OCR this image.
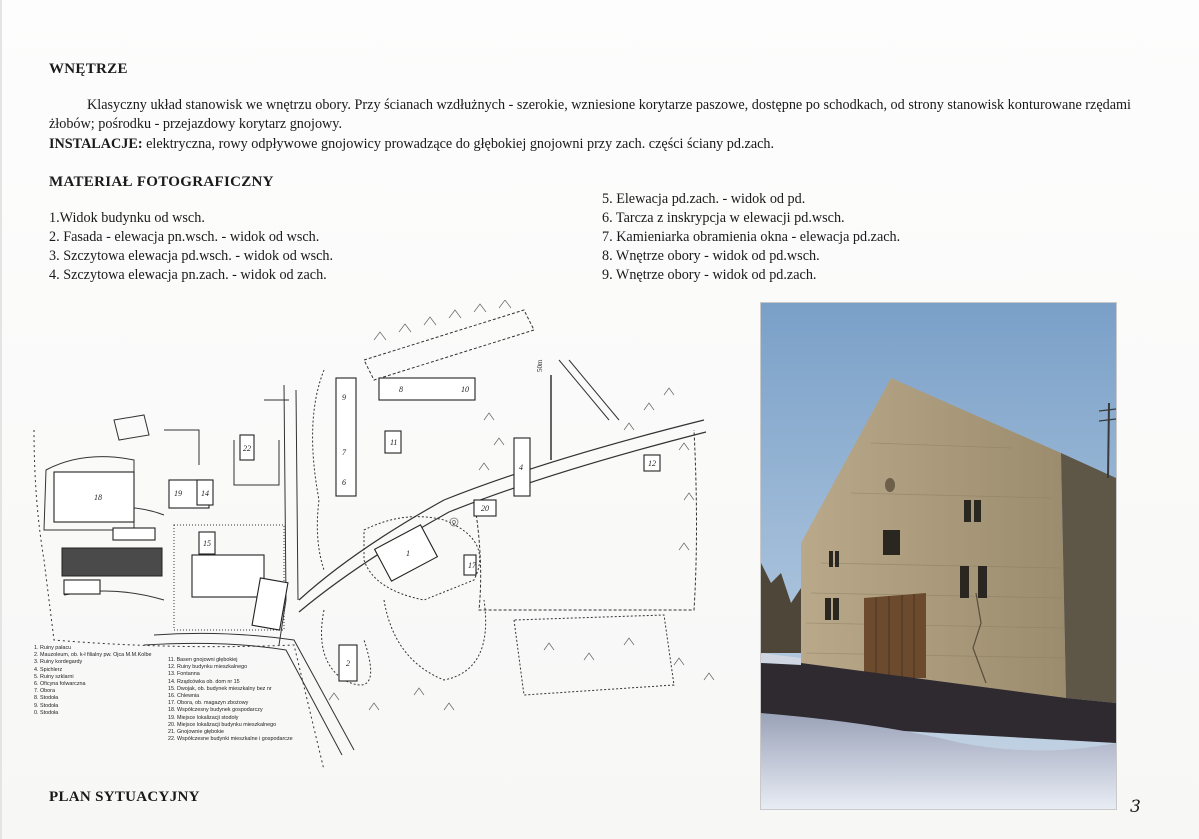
WNĘTRZE
Klasyczny układ stanowisk we wnętrzu obory. Przy ścianach wzdłużnych - szerokie, wzniesione korytarze paszowe, dostępne po schodkach, od strony stanowisk konturowane rzędami żłobów; pośrodku - przejazdowy korytarz gnojowy.
INSTALACJE: elektryczna, rowy odpływowe gnojowicy prowadzące do głębokiej gnojowni przy zach. części ściany pd.zach.
MATERIAŁ FOTOGRAFICZNY
1.Widok budynku od wsch.
2. Fasada - elewacja pn.wsch. - widok od wsch.
3. Szczytowa elewacja pd.wsch. - widok od wsch.
4. Szczytowa elewacja pn.zach. - widok od zach.
5. Elewacja pd.zach. - widok od pd.
6. Tarcza z inskrypcja w elewacji pd.wsch.
7. Kamieniarka obramienia okna - elewacja pd.zach.
8. Wnętrze obory - widok od pd.wsch.
9. Wnętrze obory - widok od pd.zach.
1
2
4
6
7
8
9
10
11
12
14
15
17
18	19
20
22
50m
1. Ruiny pałacu
2. Mauzoleum, ob. k-ł filialny pw. Ojca M.M.Kolbe
3. Ruiny kordegardy
4. Spichlerz
5. Ruiny szklarni
6. Oficyna folwarczna
7. Obora
8. Stodoła
9. Stodoła
0. Stodoła
11. Basen gnojowni głębokiej
12. Ruiny budynku mieszkalnego
13. Fontanna
14. Rządcówka ob. dom nr 15
15. Dwojak, ob. budynek mieszkalny bez nr
16. Chlewnia
17. Obora, ob. magazyn zbożowy
18. Współczesny budynek gospodarczy
19. Miejsce lokalizacji stodoły
20. Miejsce lokalizacji budynku mieszkalnego
21. Gnojownie głębokie
22. Współczesne budynki mieszkalne i gospodarcze
PLAN SYTUACYJNY	3
